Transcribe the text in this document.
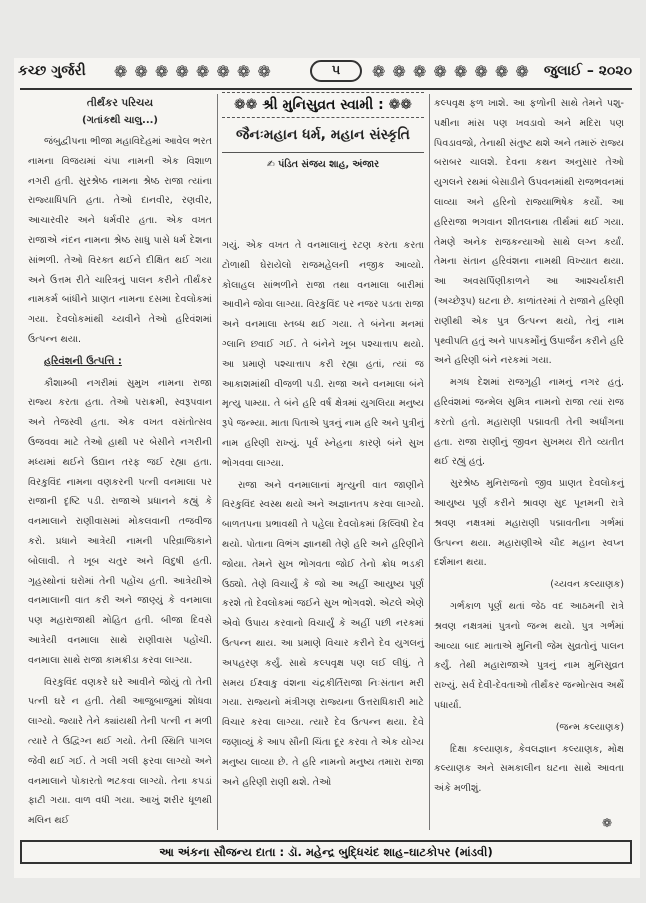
કચ્છ ગુર્જરી ❁ ❁ ❁ ❁ ❁ ❁ ❁ ❁	૫	❁ ❁ ❁ ❁ ❁ ❁ ❁ ❁ જુલાઈ – ૨૦૨૦
તીર્થંકર પરિચય
(ગતાંકથી ચાલુ...)

જંબુદ્વીપના ભીજા મહાવિદેહમાં આવેલ ભરત નામના વિજયમાં ચંપા નામની એક વિશાળ નગરી હતી. સુરશ્રેષ્ઠ નામના શ્રેષ્ઠ રાજા ત્યાંના રાજ્યાધિપતિ હતા. તેઓ દાનવીર, રણવીર, આચારવીર અને ધર્મવીર હતા. એક વખત રાજાએ નંદન નામના શ્રેષ્ઠ સાધુ પાસે ધર્મ દેશના સાંભળી. તેઓ વિરક્ત થઈને દીક્ષિત થઈ ગયા અને ઉત્તમ રીતે ચારિત્રનું પાલન કરીને તીર્થંકર નામકર્મ બાંધીને પ્રાણત નામના દસમા દેવલોકમાં ગયા. દેવલોકમાંથી ચ્યવીને તેઓ હરિવંશમાં ઉત્પન્ન થયા.

હરિવંશની ઉત્પત્તિ :

કૌશામ્બી નગરીમાં સુમુખ નામના રાજા રાજ્ય કરતા હતા. તેઓ પરાક્રમી, સ્વરૂપવાન અને તેજસ્વી હતા. એક વખત વસંતોત્સવ ઉજવવા માટે તેઓ હાથી પર બેસીને નગરીની મધ્યમાં થઈને ઉદ્યાન તરફ જઈ રહ્યા હતા. વિરકુવિંદ નામના વણકરની પત્ની વનમાલા પર રાજાની દૃષ્ટિ પડી. રાજાએ પ્રધાનને કહ્યું કે વનમાલાને રાણીવાસમાં મોકલવાની તજવીજ કરો. પ્રધાને આત્રેયી નામની પરિવ્રાજિકાને બોલાવી. તે ખૂબ ચતુર અને વિદુષી હતી. ગૃહસ્થોનાં ઘરોમાં તેની પહોંચ હતી. આત્રેયીએ વનમાલાની વાત કરી અને જાણ્યું કે વનમાલા પણ મહારાજાથી મોહિત હતી. બીજા દિવસે આત્રેયી વનમાલા સાથે રાણીવાસ પહોંચી. વનમાલા સાથે રાજા કામક્રીડા કરવા લાગ્યા.

વિરકુવિંદ વણકરે ઘરે આવીને જોયું તો તેની પત્ની ઘરે ન હતી. તેથી આજુબાજુમાં શોધવા લાગ્યો. જ્યારે તેને ક્યાંયથી તેની પત્ની ન મળી ત્યારે તે ઉદ્વિગ્ન થઈ ગયો. તેની સ્થિતિ પાગલ જેવી થઈ ગઈ. તે ગલી ગલી ફરવા લાગ્યો અને વનમાલાને પોકારતો ભટકવા લાગ્યો. તેના કપડાં ફાટી ગયા. વાળ વધી ગયા. આખું શરીર ધૂળથી મલિન થઈ

❁❁ શ્રી મુનિસુવ્રત સ્વામી : ❁❁
જૈનઃમહાન ધર્મ, મહાન સંસ્કૃતિ
✍ પંડિત સંજય શાહ, અંજાર

ગયું. એક વખત તે વનમાલાનું રટણ કરતા કરતા ટોળાથી ઘેરાયેલો રાજમહેલની નજીક આવ્યો. કોલાહલ સાંભળીને રાજા તથા વનમાલા બારીમાં આવીને જોવા લાગ્યા. વિરકુવિંદ પર નજર પડતા રાજા અને વનમાલા સ્તબ્ધ થઈ ગયા. તે બંનેના મનમાં ગ્લાનિ છવાઈ ગઈ. તે બંનેને ખૂબ પશ્ચાત્તાપ થયો. આ પ્રમાણે પશ્ચાત્તાપ કરી રહ્યા હતાં, ત્યાં જ આકાશમાંથી વીજળી પડી. રાજા અને વનમાલા બંને મૃત્યુ પામ્યા. તે બંને હરિ વર્ષ ક્ષેત્રમાં યુગલિયા મનુષ્ય રૂપે જન્મ્યા. માતા પિતાએ પુત્રનું નામ હરિ અને પુત્રીનું નામ હરિણી રાખ્યું. પૂર્વ સ્નેહના કારણે બંને સુખ ભોગવવા લાગ્યા.

રાજા અને વનમાલાનાં મૃત્યુની વાત જાણીને વિરકુવિંદ સ્વસ્થ થયો અને અજ્ઞાનતપ કરવા લાગ્યો. બાળતપના પ્રભાવથી તે પહેલા દેવલોકમાં કિલ્વિષી દેવ થયો. પોતાના વિભંગ જ્ઞાનથી તેણે હરિ અને હરિણીને જોયા. તેમને સુખ ભોગવતા જોઈ તેનો ક્રોધ ભડકી ઉઠ્યો. તેણે વિચાર્યું કે જો આ અહીં આયુષ્ય પૂર્ણ કરશે તો દેવલોકમાં જઈને સુખ ભોગવશે. એટલે એણે એવો ઉપાય કરવાનો વિચાર્યું કે અહીં પછી નરકમાં ઉત્પન્ન થાય. આ પ્રમાણે વિચાર કરીને દેવ યુગલનું અપહરણ કર્યું. સાથે કલ્પવૃક્ષ પણ લઈ લીધું. તે સમય ઈક્ષ્વાકુ વંશના ચંદ્રકીર્તિરાજા નિઃસંતાન મરી ગયા. રાજ્યનો મંત્રીગણ રાજ્યના ઉત્તરાધિકારી માટે વિચાર કરવા લાગ્યા. ત્યારે દેવ ઉત્પન્ન થયા. દેવે જણાવ્યું કે આપ સૌની ચિંતા દૂર કરવા તે એક યોગ્ય મનુષ્ય લાવ્યા છે. તે હરિ નામનો મનુષ્ય તમારા રાજા અને હરિણી રાણી થશે. તેઓ

કલ્પવૃક્ષ ફળ ખાશે. આ ફળોની સાથે તેમને પશુ-પક્ષીના માંસ પણ ખવડાવો અને મદિરા પણ પિવડાવજો, તેનાથી સંતુષ્ટ થશે અને તમારું રાજ્ય બરાબર ચાલશે. દેવના કથન અનુસાર તેઓ યુગલને રથમાં બેસાડીને ઉપવનમાંથી રાજભવનમાં લાવ્યા અને હરિનો રાજ્યાભિષેક કર્યો. આ હરિરાજા ભગવાન શીતલનાથ તીર્થમાં થઈ ગયા. તેમણે અનેક રાજકન્યાઓ સાથે લગ્ન કર્યાં. તેમના સંતાન હરિવંશના નામથી વિખ્યાત થયા. આ અવસર્પિણીકાળને આ આશ્ચર્યકારી (અચ્છેરૂપ) ઘટના છે. કાળાંતરમાં તે રાજાને હરિણી રાણીથી એક પુત્ર ઉત્પન્ન થયો, તેનું નામ પૃથ્વીપતિ હતું અને પાપકર્મોનું ઉપાર્જન કરીને હરિ અને હરિણી બંને નરકમાં ગયા.

મગધ દેશમાં રાજગૃહી નામનું નગર હતું. હરિવંશમાં જન્મેલ સુમિત્ર નામનો રાજા ત્યાં રાજ કરતો હતો. મહારાણી પદ્માવતી તેની અર્ધાંગના હતા. રાજા રાણીનું જીવન સુખમય રીતે વ્યતીત થઈ રહ્યું હતું.

સુરશ્રેષ્ઠ મુનિરાજનો જીવ પ્રાણત દેવલોકનું આયુષ્ય પૂર્ણ કરીને શ્રાવણ સુદ પૂનમની રાત્રે શ્રવણ નક્ષત્રમાં મહારાણી પદ્માવતીના ગર્ભમાં ઉત્પન્ન થયા. મહારાણીએ ચૌદ મહાન સ્વપ્ન દર્શમાન થયા.

(ચ્યવન કલ્યાણક)

ગર્ભકાળ પૂર્ણ થતાં જેઠ વદ આઠમની રાત્રે શ્રવણ નક્ષત્રમાં પુત્રનો જન્મ થયો. પુત્ર ગર્ભમાં આવ્યા બાદ માતાએ મુનિની જેમ સુવ્રતોનું પાલન કર્યું. તેથી મહારાજાએ પુત્રનું નામ મુનિસુવ્રત રાખ્યું. સર્વ દેવી-દેવતાઓ તીર્થંકર જન્મોત્સવ અર્થે પધાર્યા.

(જન્મ કલ્યાણક)

દિક્ષા કલ્યાણક, કેવલજ્ઞાન કલ્યાણક, મોક્ષ કલ્યાણક અને સમકાલીન ઘટના સાથે આવતા અંકે મળીશું.

❁
આ અંકના સૌજન્ય દાતા : ડૉ. મહેન્દ્ર બુદ્ધિચંદ શાહ–ઘાટકોપર (માંડવી)
